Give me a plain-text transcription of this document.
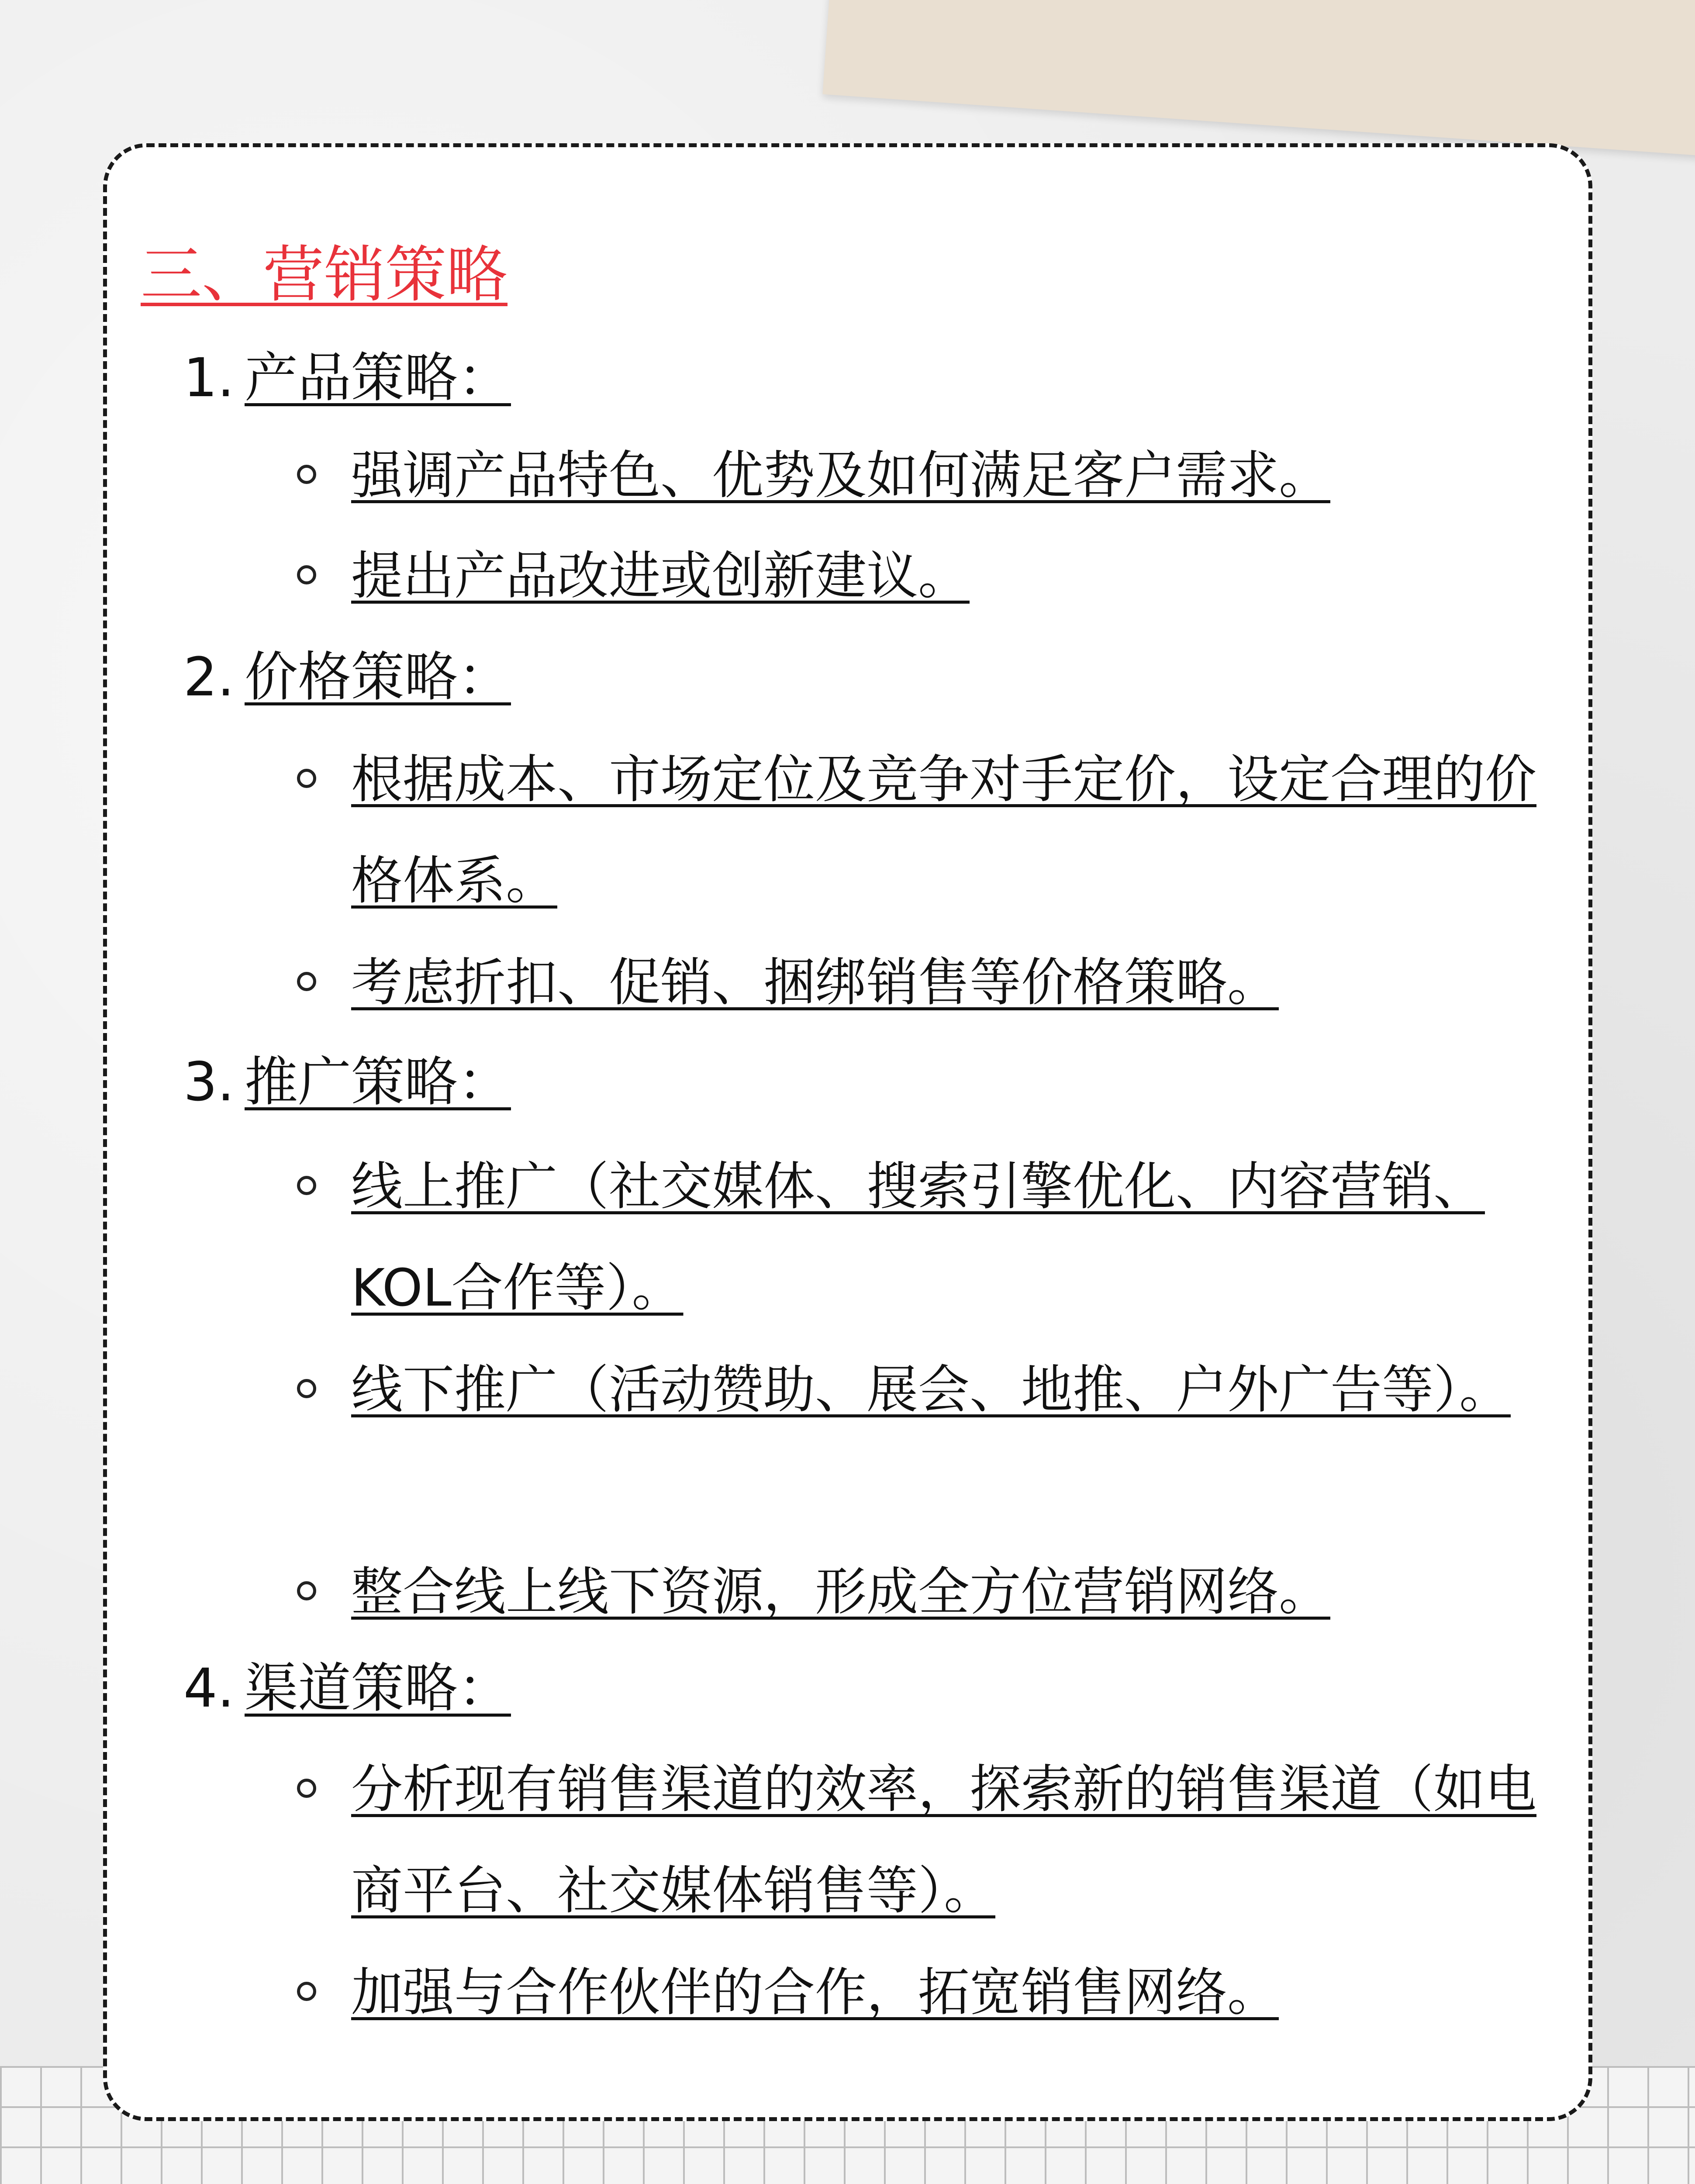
三、营销策略
1. 产品策略：
强调产品特色、优势及如何满足客户需求。
提出产品改进或创新建议。
2. 价格策略：
根据成本、市场定位及竞争对手定价，设定合理的价格体系。
考虑折扣、促销、捆绑销售等价格策略。
3. 推广策略：
线上推广（社交媒体、搜索引擎优化、内容营销、KOL合作等）。
线下推广（活动赞助、展会、地推、户外广告等）。
整合线上线下资源，形成全方位营销网络。
4. 渠道策略：
分析现有销售渠道的效率，探索新的销售渠道（如电商平台、社交媒体销售等）。
加强与合作伙伴的合作，拓宽销售网络。
